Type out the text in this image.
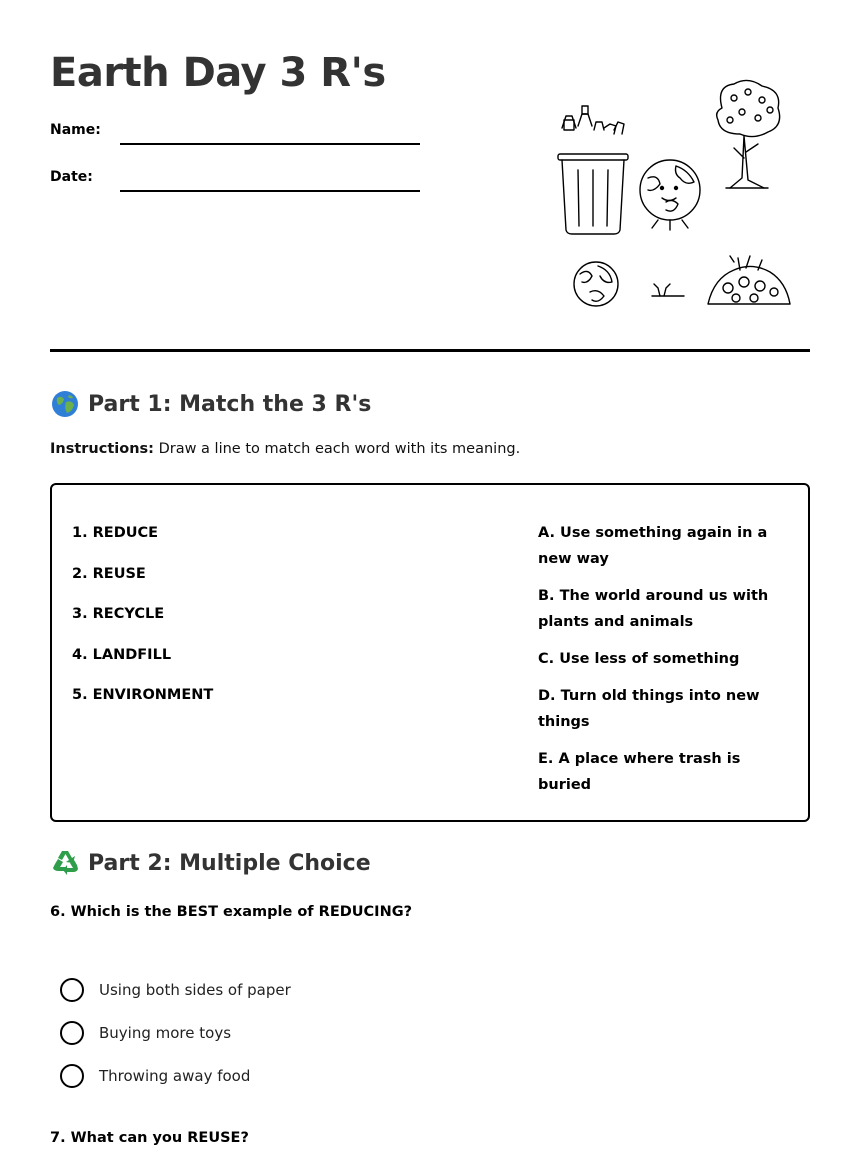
Earth Day 3 R's
Name:
Date:
Part 1: Match the 3 R's
Instructions: Draw a line to match each word with its meaning.
1. REDUCE
2. REUSE
3. RECYCLE
4. LANDFILL
5. ENVIRONMENT
A. Use something again in a new way
B. The world around us with plants and animals
C. Use less of something
D. Turn old things into new things
E. A place where trash is buried
Part 2: Multiple Choice
6. Which is the BEST example of REDUCING?
Using both sides of paper
Buying more toys
Throwing away food
7. What can you REUSE?
